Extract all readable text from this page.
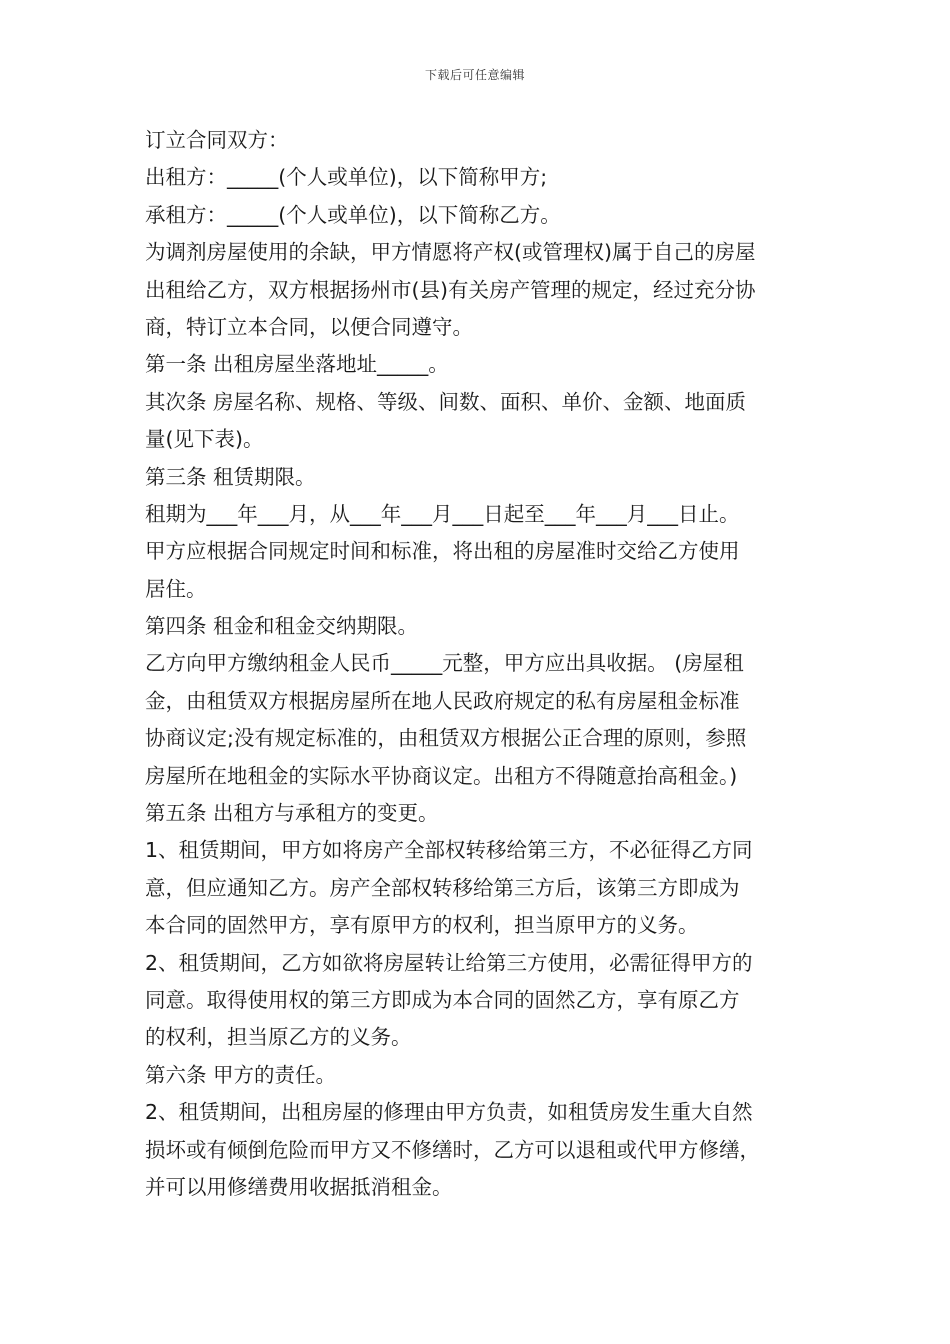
下载后可任意编辑
订立合同双方：
出租方：_____(个人或单位)，以下简称甲方;
承租方：_____(个人或单位)，以下简称乙方。
为调剂房屋使用的余缺，甲方情愿将产权(或管理权)属于自己的房屋
出租给乙方，双方根据扬州市(县)有关房产管理的规定，经过充分协
商，特订立本合同，以便合同遵守。
第一条 出租房屋坐落地址_____。
其次条 房屋名称、规格、等级、间数、面积、单价、金额、地面质
量(见下表)。
第三条 租赁期限。
租期为___年___月，从___年___月___日起至___年___月___日止。
甲方应根据合同规定时间和标准，将出租的房屋准时交给乙方使用
居住。
第四条 租金和租金交纳期限。
乙方向甲方缴纳租金人民币_____元整，甲方应出具收据。 (房屋租
金，由租赁双方根据房屋所在地人民政府规定的私有房屋租金标准
协商议定;没有规定标准的，由租赁双方根据公正合理的原则，参照
房屋所在地租金的实际水平协商议定。出租方不得随意抬高租金。)
第五条 出租方与承租方的变更。
1、租赁期间，甲方如将房产全部权转移给第三方，不必征得乙方同
意，但应通知乙方。房产全部权转移给第三方后，该第三方即成为
本合同的固然甲方，享有原甲方的权利，担当原甲方的义务。
2、租赁期间，乙方如欲将房屋转让给第三方使用，必需征得甲方的
同意。取得使用权的第三方即成为本合同的固然乙方，享有原乙方
的权利，担当原乙方的义务。
第六条 甲方的责任。
2、租赁期间，出租房屋的修理由甲方负责，如租赁房发生重大自然
损坏或有倾倒危险而甲方又不修缮时，乙方可以退租或代甲方修缮，
并可以用修缮费用收据抵消租金。
